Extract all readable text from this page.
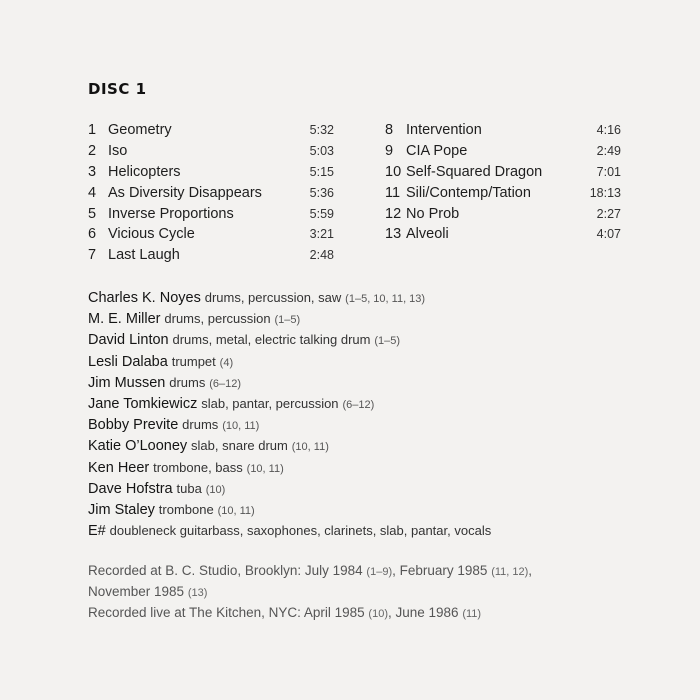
DISC 1
1 Geometry	5:32
2 Iso	5:03
3 Helicopters	5:15
4 As Diversity Disappears	5:36
5 Inverse Proportions	5:59
6 Vicious Cycle	3:21
7 Last Laugh	2:48
8 Intervention	4:16
9 CIA Pope	2:49
10 Self-Squared Dragon	7:01
11 Sili/Contemp/Tation	18:13
12 No Prob	2:27
13 Alveoli	4:07
Charles K. Noyes drums, percussion, saw (1–5, 10, 11, 13)
M. E. Miller drums, percussion (1–5)
David Linton drums, metal, electric talking drum (1–5)
Lesli Dalaba trumpet (4)
Jim Mussen drums (6–12)
Jane Tomkiewicz slab, pantar, percussion (6–12)
Bobby Previte drums (10, 11)
Katie O’Looney slab, snare drum (10, 11)
Ken Heer trombone, bass (10, 11)
Dave Hofstra tuba (10)
Jim Staley trombone (10, 11)
E# doubleneck guitarbass, saxophones, clarinets, slab, pantar, vocals
Recorded at B. C. Studio, Brooklyn: July 1984 (1–9), February 1985 (11, 12),
November 1985 (13)
Recorded live at The Kitchen, NYC: April 1985 (10), June 1986 (11)
